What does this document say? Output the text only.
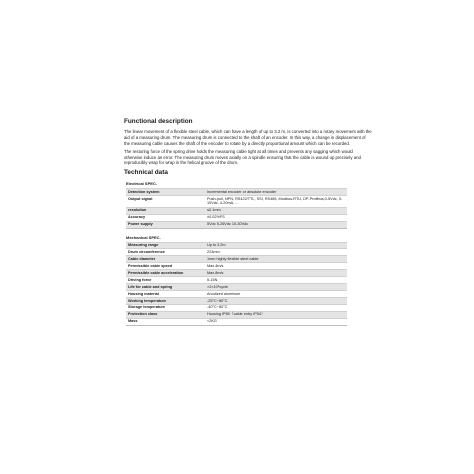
Functional description

The linear movement of a flexible steel cable, which can have a length of up to 3.2 m, is converted into a rotary movement with the aid of a measuring drum. The measuring drum is connected to the shaft of an encoder. In this way, a change in displacement of the measuring cable causes the shaft of the encoder to rotate by a directly proportional amount which can be recorded.

The restoring force of the spring drive holds the measuring cable tight at all times and prevents any sagging which would otherwise induce an error. The measuring drum moves axially on a spindle ensuring that the cable is wound up precisely and reproducibly wrap for wrap in the helical groove of the drum.

Technical data
Electrical SPEC.
Detection system	Incremental encoder or absolute encoder
Output signal	Push-pull, NPN, RS422/TTL, SSI, RS485, Modbus-RTU, DP-Profibus,0-5Vdc, 0-10Vdc, 4-20mA, ...
resolution	≤0.1mm
Accuracy	±0.02%FS
Power supply	5Vdc 5-26Vdc 10-30Vdc
Mechanical SPEC.
Measuring range	Up to 3.2m
Drum circumference	223mm
Cable diameter	1mm highly flexible steel cable
Permissible cable speed	Max.4m/s
Permissible cable acceleration	Max.8m/s
Driving force	5-15N
Life for cable and spring	>2×10⁶cycle
Housing material	Anodized aluminum
Working temperature	-25°C~80°C
Storage temperature	-40°C~80°C
Protection class	Housing IP65（cable entry IP54）
Mass	<2KG
